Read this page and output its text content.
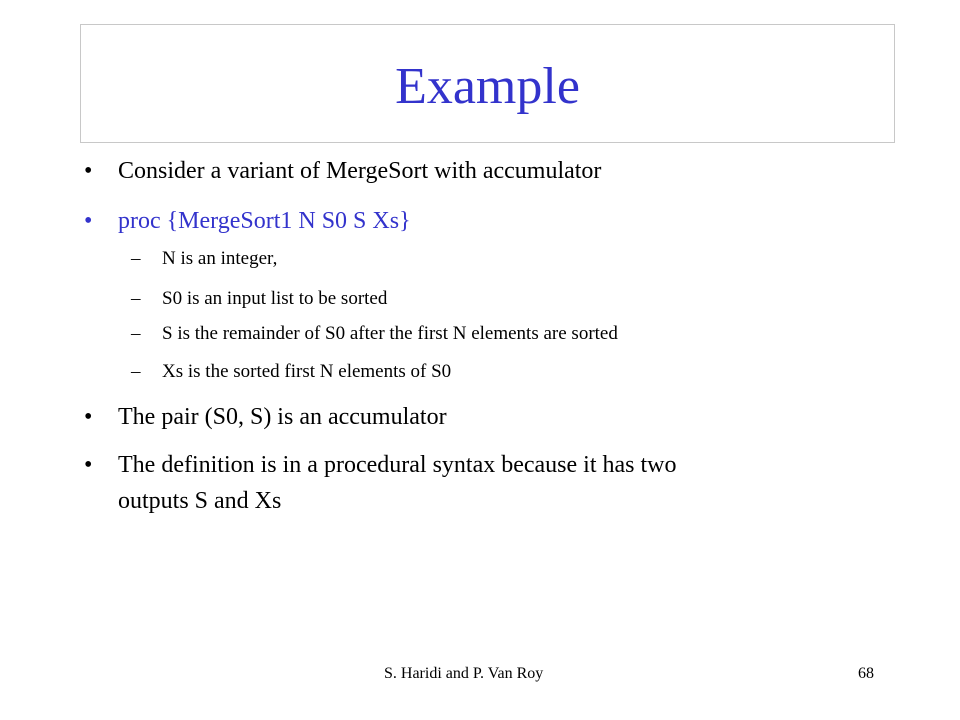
Example
• Consider a variant of MergeSort with accumulator
• proc {MergeSort1 N S0 S Xs}
– N is an integer,
– S0 is an input list to be sorted
– S is the remainder of S0 after the first N elements are sorted
– Xs is the sorted first N elements of S0
• The pair (S0, S) is an accumulator
• The definition is in a procedural syntax because it has two
outputs S and Xs
S. Haridi and P. Van Roy	68
